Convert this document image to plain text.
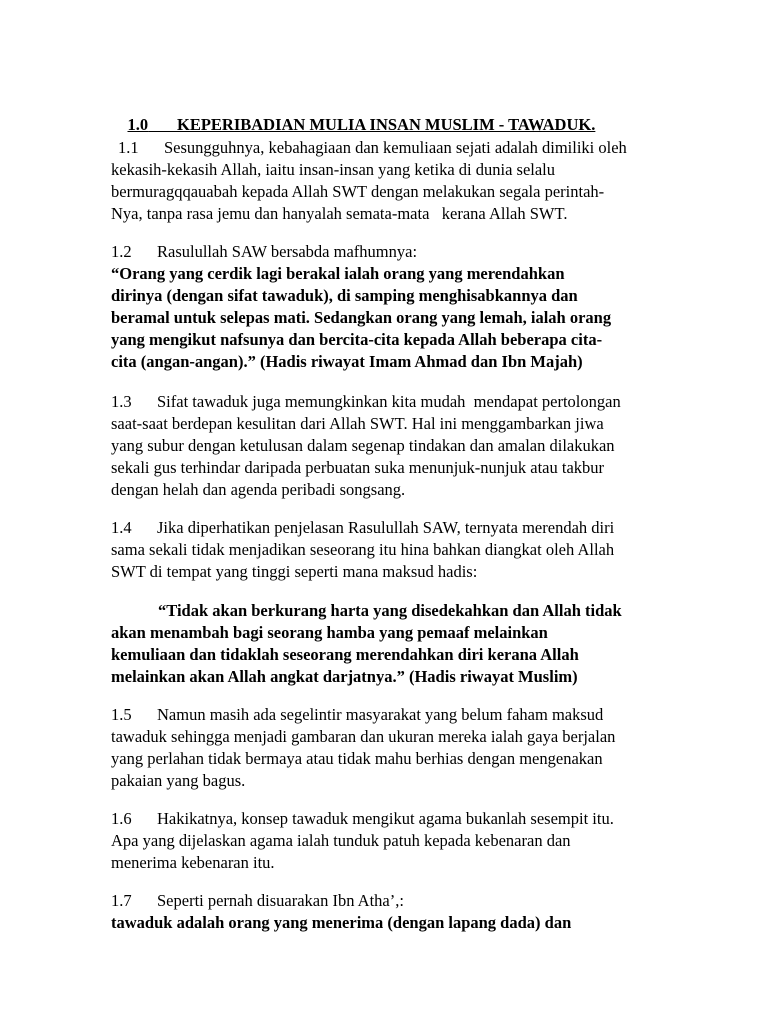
1.0 KEPERIBADIAN MULIA INSAN MUSLIM - TAWADUK.

1.1 Sesungguhnya, kebahagiaan dan kemuliaan sejati adalah dimiliki oleh
kekasih-kekasih Allah, iaitu insan-insan yang ketika di dunia selalu
bermuragqqauabah kepada Allah SWT dengan melakukan segala perintah-
Nya, tanpa rasa jemu dan hanyalah semata-mata   kerana Allah SWT.
1.2 Rasulullah SAW bersabda mafhumnya:
“Orang yang cerdik lagi berakal ialah orang yang merendahkan
dirinya (dengan sifat tawaduk), di samping menghisabkannya dan
beramal untuk selepas mati. Sedangkan orang yang lemah, ialah orang
yang mengikut nafsunya dan bercita-cita kepada Allah beberapa cita-
cita (angan-angan).” (Hadis riwayat Imam Ahmad dan Ibn Majah)
1.3 Sifat tawaduk juga memungkinkan kita mudah  mendapat pertolongan
saat-saat berdepan kesulitan dari Allah SWT. Hal ini menggambarkan jiwa
yang subur dengan ketulusan dalam segenap tindakan dan amalan dilakukan
sekali gus terhindar daripada perbuatan suka menunjuk-nunjuk atau takbur
dengan helah dan agenda peribadi songsang.
1.4 Jika diperhatikan penjelasan Rasulullah SAW, ternyata merendah diri
sama sekali tidak menjadikan seseorang itu hina bahkan diangkat oleh Allah
SWT di tempat yang tinggi seperti mana maksud hadis:
“Tidak akan berkurang harta yang disedekahkan dan Allah tidak
akan menambah bagi seorang hamba yang pemaaf melainkan
kemuliaan dan tidaklah seseorang merendahkan diri kerana Allah
melainkan akan Allah angkat darjatnya.” (Hadis riwayat Muslim)
1.5 Namun masih ada segelintir masyarakat yang belum faham maksud
tawaduk sehingga menjadi gambaran dan ukuran mereka ialah gaya berjalan
yang perlahan tidak bermaya atau tidak mahu berhias dengan mengenakan
pakaian yang bagus.
1.6 Hakikatnya, konsep tawaduk mengikut agama bukanlah sesempit itu.
Apa yang dijelaskan agama ialah tunduk patuh kepada kebenaran dan
menerima kebenaran itu.
1.7 Seperti pernah disuarakan Ibn Atha’,:
tawaduk adalah orang yang menerima (dengan lapang dada) dan
